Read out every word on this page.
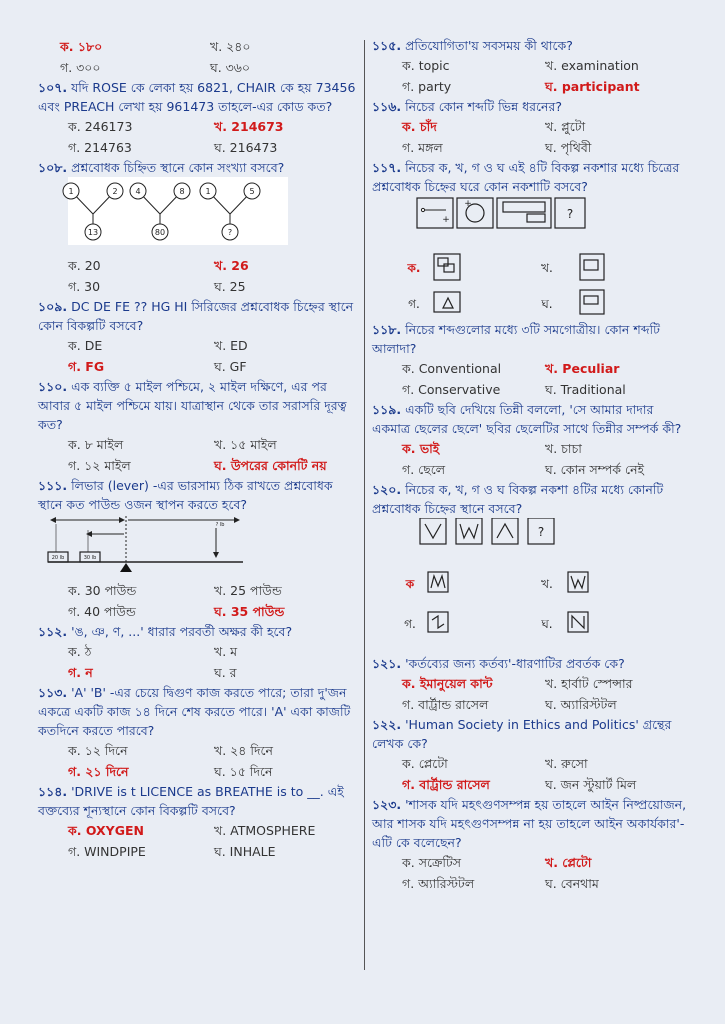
ক. ১৮০	খ. ২৪০
গ. ৩০০	ঘ. ৩৬০

১০৭. যদি ROSE কে লেকা হয় 6821, CHAIR কে হয় 73456 এবং PREACH লেখা হয় 961473 তাহলে-এর কোড কত?

ক. 246173	খ. 214673
গ. 214763	ঘ. 216473

১০৮. প্রশ্নবোধক চিহ্নিত স্থানে কোন সংখ্যা বসবে?

1	2
13
4	8
80
1	5
?
ক. 20	খ. 26
গ. 30	ঘ. 25

১০৯. DC DE FE ?? HG HI সিরিজের প্রশ্নবোধক চিহ্নের স্থানে কোন বিকল্পটি বসবে?

ক. DE	খ. ED
গ. FG	ঘ. GF

১১০. এক ব্যক্তি ৫ মাইল পশ্চিমে, ২ মাইল দক্ষিণে, এর পর আবার ৫ মাইল পশ্চিমে যায়। যাত্রাস্থান থেকে তার সরাসরি দূরত্ব কত?

ক. ৮ মাইল	খ. ১৫ মাইল
গ. ১২ মাইল	ঘ. উপরের কোনটি নয়

১১১. লিভার (lever) -এর ভারসাম্য ঠিক রাখতে প্রশ্নবোধক স্থানে কত পাউন্ড ওজন স্থাপন করতে হবে?

20 lb	30 lb
? lb
ক. 30 পাউন্ড	খ. 25 পাউন্ড
গ. 40 পাউন্ড	ঘ. 35 পাউন্ড

১১২. 'ঙ, ঞ, ণ, ...' ধারার পরবর্তী অক্ষর কী হবে?

ক. ঠ	খ. ম
গ. ন	ঘ. র

১১৩. 'A' 'B' -এর চেয়ে দ্বিগুণ কাজ করতে পারে; তারা দু'জন একত্রে একটি কাজ ১৪ দিনে শেষ করতে পারে। 'A' একা কাজটি কতদিনে করতে পারবে?

ক. ১২ দিনে	খ. ২৪ দিনে
গ. ২১ দিনে	ঘ. ১৫ দিনে

১১৪. 'DRIVE is t LICENCE as BREATHE is to __. এই বক্তব্যের শূন্যস্থানে কোন বিকল্পটি বসবে?

ক. OXYGEN	খ. ATMOSPHERE
গ. WINDPIPE	ঘ. INHALE

১১৫. প্রতিযোগিতা'য় সবসময় কী থাকে?

ক. topic	খ. examination
গ. party	ঘ. participant

১১৬. নিচের কোন শব্দটি ভিন্ন ধরনের?

ক. চাঁদ	খ. প্লুটো
গ. মঙ্গল	ঘ. পৃথিবী

১১৭. নিচের ক, খ, গ ও ঘ এই ৪টি বিকল্প নকশার মধ্যে চিত্রের প্রশ্নবোধক চিহ্নের ঘরে কোন নকশাটি বসবে?

+
+
?
ক.	খ.
গ.	ঘ.

১১৮. নিচের শব্দগুলোর মধ্যে ৩টি সমগোত্রীয়। কোন শব্দটি আলাদা?

ক. Conventional	খ. Peculiar
গ. Conservative	ঘ. Traditional

১১৯. একটি ছবি দেখিয়ে তিন্নী বললো, 'সে আমার দাদার একমাত্র ছেলের ছেলে' ছবির ছেলেটির সাথে তিন্নীর সম্পর্ক কী?

ক. ভাই	খ. চাচা
গ. ছেলে	ঘ. কোন সম্পর্ক নেই

১২০. নিচের ক, খ, গ ও ঘ বিকল্প নকশা ৪টির মধ্যে কোনটি প্রশ্নবোধক চিহ্নের স্থানে বসবে?

?
ক	খ.
গ.	ঘ.

১২১. 'কর্তব্যের জন্য কর্তব্য'-ধারণাটির প্রবর্তক কে?

ক. ইমানুয়েল কান্ট	খ. হার্বাট স্পেন্সার
গ. বার্ট্রান্ড রাসেল	ঘ. অ্যারিস্টটল

১২২. 'Human Society in Ethics and Politics' গ্রন্থের লেখক কে?

ক. প্লেটো	খ. রুসো
গ. বার্ট্রান্ড রাসেল	ঘ. জন স্টুয়ার্ট মিল

১২৩. 'শাসক যদি মহৎগুণসম্পন্ন হয় তাহলে আইন নিষ্প্রয়োজন, আর শাসক যদি মহৎগুণসম্পন্ন না হয় তাহলে আইন অকার্যকার'-এটি কে বলেছেন?

ক. সক্রেটিস	খ. প্লেটো
গ. অ্যারিস্টটল	ঘ. বেনথাম
